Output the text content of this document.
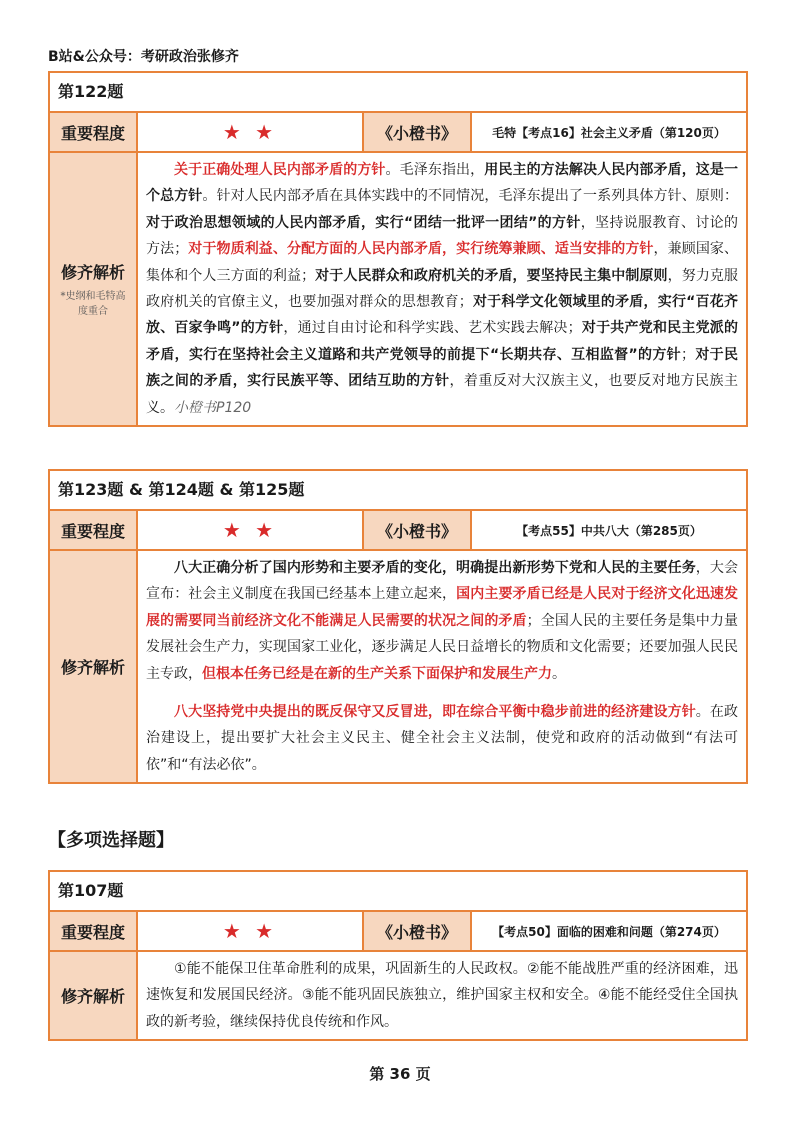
B站&公众号：考研政治张修齐
第122题
重要程度	★ ★	《小橙书》	毛特【考点16】社会主义矛盾（第120页）
修齐解析
*史纲和毛特高度重合

关于正确处理人民内部矛盾的方针。毛泽东指出，用民主的方法解决人民内部矛盾，这是一个总方针。针对人民内部矛盾在具体实践中的不同情况，毛泽东提出了一系列具体方针、原则：对于政治思想领域的人民内部矛盾，实行“团结一批评一团结”的方针，坚持说服教育、讨论的方法；对于物质利益、分配方面的人民内部矛盾，实行统筹兼顾、适当安排的方针，兼顾国家、集体和个人三方面的利益；对于人民群众和政府机关的矛盾，要坚持民主集中制原则，努力克服政府机关的官僚主义，也要加强对群众的思想教育；对于科学文化领域里的矛盾，实行“百花齐放、百家争鸣”的方针，通过自由讨论和科学实践、艺术实践去解决；对于共产党和民主党派的矛盾，实行在坚持社会主义道路和共产党领导的前提下“长期共存、互相监督”的方针；对于民族之间的矛盾，实行民族平等、团结互助的方针，着重反对大汉族主义，也要反对地方民族主义。小橙书P120

第123题 & 第124题 & 第125题
重要程度	★ ★	《小橙书》	【考点55】中共八大（第285页）
修齐解析

八大正确分析了国内形势和主要矛盾的变化，明确提出新形势下党和人民的主要任务，大会宣布：社会主义制度在我国已经基本上建立起来，国内主要矛盾已经是人民对于经济文化迅速发展的需要同当前经济文化不能满足人民需要的状况之间的矛盾；全国人民的主要任务是集中力量发展社会生产力，实现国家工业化，逐步满足人民日益增长的物质和文化需要；还要加强人民民主专政，但根本任务已经是在新的生产关系下面保护和发展生产力。

八大坚持党中央提出的既反保守又反冒进，即在综合平衡中稳步前进的经济建设方针。在政治建设上，提出要扩大社会主义民主、健全社会主义法制，使党和政府的活动做到“有法可依”和“有法必依”。

【多项选择题】
第107题
重要程度	★ ★	《小橙书》	【考点50】面临的困难和问题（第274页）
修齐解析

①能不能保卫住革命胜利的成果，巩固新生的人民政权。②能不能战胜严重的经济困难，迅速恢复和发展国民经济。③能不能巩固民族独立，维护国家主权和安全。④能不能经受住全国执政的新考验，继续保持优良传统和作风。

第 36 页
